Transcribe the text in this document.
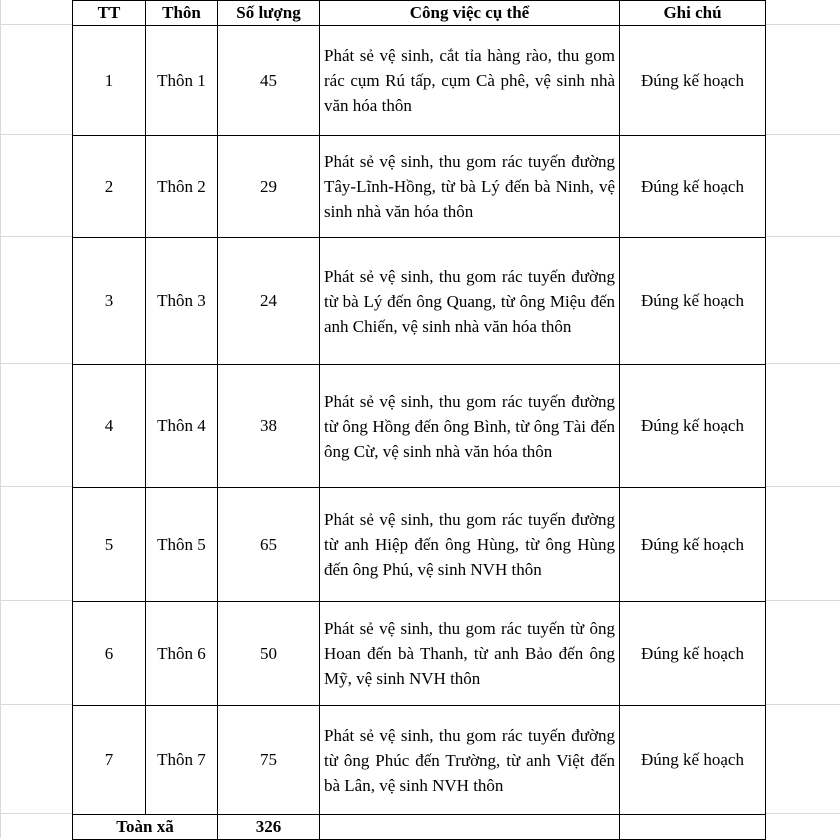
TT	Thôn	Số lượng	Công việc cụ thể	Ghi chú
1	Thôn 1	45	Phát sẻ vệ sinh, cắt tỉa hàng rào, thu gom rác cụm Rú tấp, cụm Cà phê, vệ sinh nhà văn hóa thôn	Đúng kế hoạch
2	Thôn 2	29	Phát sẻ vệ sinh, thu gom rác tuyến đường Tây-Lĩnh-Hồng, từ bà Lý đến bà Ninh, vệ sinh nhà văn hóa thôn	Đúng kế hoạch
3	Thôn 3	24	Phát sẻ vệ sinh, thu gom rác tuyến đường từ bà Lý đến ông Quang, từ ông Miệu đến anh Chiến, vệ sinh nhà văn hóa thôn	Đúng kế hoạch
4	Thôn 4	38	Phát sẻ vệ sinh, thu gom rác tuyến đường từ ông Hồng đến ông Bình, từ ông Tài đến ông Cừ, vệ sinh nhà văn hóa thôn	Đúng kế hoạch
5	Thôn 5	65	Phát sẻ vệ sinh, thu gom rác tuyến đường từ anh Hiệp đến ông Hùng, từ ông Hùng đến ông Phú, vệ sinh NVH thôn	Đúng kế hoạch
6	Thôn 6	50	Phát sẻ vệ sinh, thu gom rác tuyến từ ông Hoan đến bà Thanh, từ anh Bảo đến ông Mỹ, vệ sinh NVH thôn	Đúng kế hoạch
7	Thôn 7	75	Phát sẻ vệ sinh, thu gom rác tuyến đường từ ông Phúc đến Trường, từ anh Việt đến bà Lân, vệ sinh NVH thôn	Đúng kế hoạch
Toàn xã		326		
